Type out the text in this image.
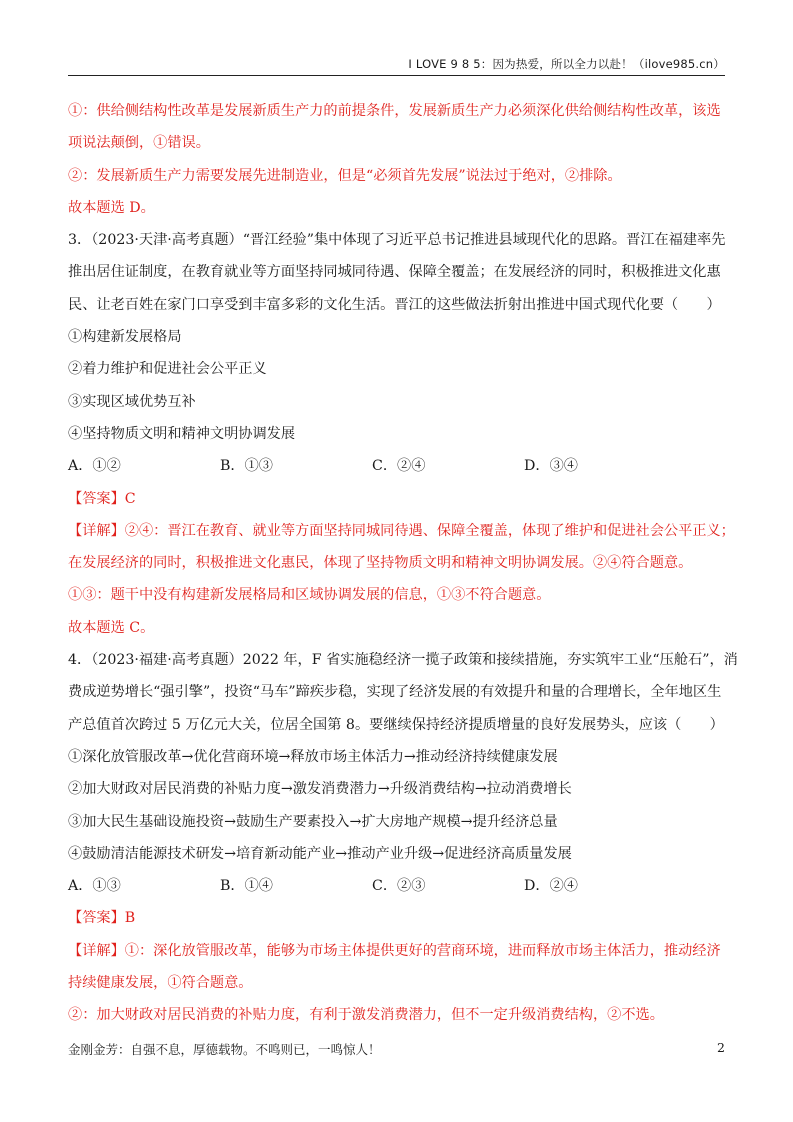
I LOVE 9 8 5：因为热爱，所以全力以赴！（ilove985.cn）
①：供给侧结构性改革是发展新质生产力的前提条件，发展新质生产力必须深化供给侧结构性改革，该选
项说法颠倒，①错误。
②：发展新质生产力需要发展先进制造业，但是“必须首先发展”说法过于绝对，②排除。
故本题选 D。
3．（2023·天津·高考真题）“晋江经验”集中体现了习近平总书记推进县域现代化的思路。晋江在福建率先
推出居住证制度，在教育就业等方面坚持同城同待遇、保障全覆盖；在发展经济的同时，积极推进文化惠
民、让老百姓在家门口享受到丰富多彩的文化生活。晋江的这些做法折射出推进中国式现代化要（　　）
①构建新发展格局
②着力维护和促进社会公平正义
③实现区域优势互补
④坚持物质文明和精神文明协调发展
A．①②	B．①③	C．②④	D．③④
【答案】C
【详解】②④：晋江在教育、就业等方面坚持同城同待遇、保障全覆盖，体现了维护和促进社会公平正义；
在发展经济的同时，积极推进文化惠民，体现了坚持物质文明和精神文明协调发展。②④符合题意。
①③：题干中没有构建新发展格局和区域协调发展的信息，①③不符合题意。
故本题选 C。
4．（2023·福建·高考真题）2022 年，F 省实施稳经济一揽子政策和接续措施，夯实筑牢工业“压舱石”，消
费成逆势增长“强引擎”，投资“马车”蹄疾步稳，实现了经济发展的有效提升和量的合理增长，全年地区生
产总值首次跨过 5 万亿元大关，位居全国第 8。要继续保持经济提质增量的良好发展势头，应该（　　）
①深化放管服改革→优化营商环境→释放市场主体活力→推动经济持续健康发展
②加大财政对居民消费的补贴力度→激发消费潜力→升级消费结构→拉动消费增长
③加大民生基础设施投资→鼓励生产要素投入→扩大房地产规模→提升经济总量
④鼓励清洁能源技术研发→培育新动能产业→推动产业升级→促进经济高质量发展
A．①③	B．①④	C．②③	D．②④
【答案】B
【详解】①：深化放管服改革，能够为市场主体提供更好的营商环境，进而释放市场主体活力，推动经济
持续健康发展，①符合题意。
②：加大财政对居民消费的补贴力度，有利于激发消费潜力，但不一定升级消费结构，②不选。
金刚金芳：自强不息，厚德载物。不鸣则已，一鸣惊人！	2
